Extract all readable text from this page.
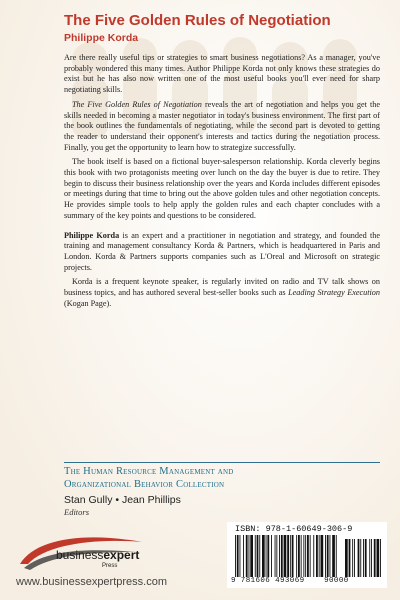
The Five Golden Rules of Negotiation
Philippe Korda

Are there really useful tips or strategies to smart business negotiations? As a manager, you've probably wondered this many times. Author Philippe Korda not only knows these strategies do exist but he has also now written one of the most useful books you'll ever need for sharp negotiating skills.

The Five Golden Rules of Negotiation reveals the art of negotiation and helps you get the skills needed in becoming a master negotiator in today's business environment. The first part of the book outlines the fundamentals of negotiating, while the second part is devoted to getting the reader to understand their opponent's interests and tactics during the negotiation process. Finally, you get the opportunity to learn how to strategize successfully.

The book itself is based on a fictional buyer-salesperson relationship. Korda cleverly begins this book with two protagonists meeting over lunch on the day the buyer is due to retire. They begin to discuss their business relationship over the years and Korda includes different episodes or meetings during that time to bring out the above golden tules and other negotiation concepts. He provides simple tools to help apply the golden rules and each chapter concludes with a summary of the key points and questions to be considered.

Philippe Korda is an expert and a practitioner in negotiation and strategy, and founded the training and management consultancy Korda & Partners, which is headquartered in Paris and London. Korda & Partners supports companies such as L'Oreal and Microsoft on strategic projects.

Korda is a frequent keynote speaker, is regularly invited on radio and TV talk shows on business topics, and has authored several best-seller books such as Leading Strategy Execution (Kogan Page).

The Human Resource Management and
Organizational Behavior Collection
Stan Gully • Jean Phillips
Editors
businessexpert
Press
www.businessexpertpress.com
ISBN: 978-1-60649-306-9
9 781606 493069	90000
